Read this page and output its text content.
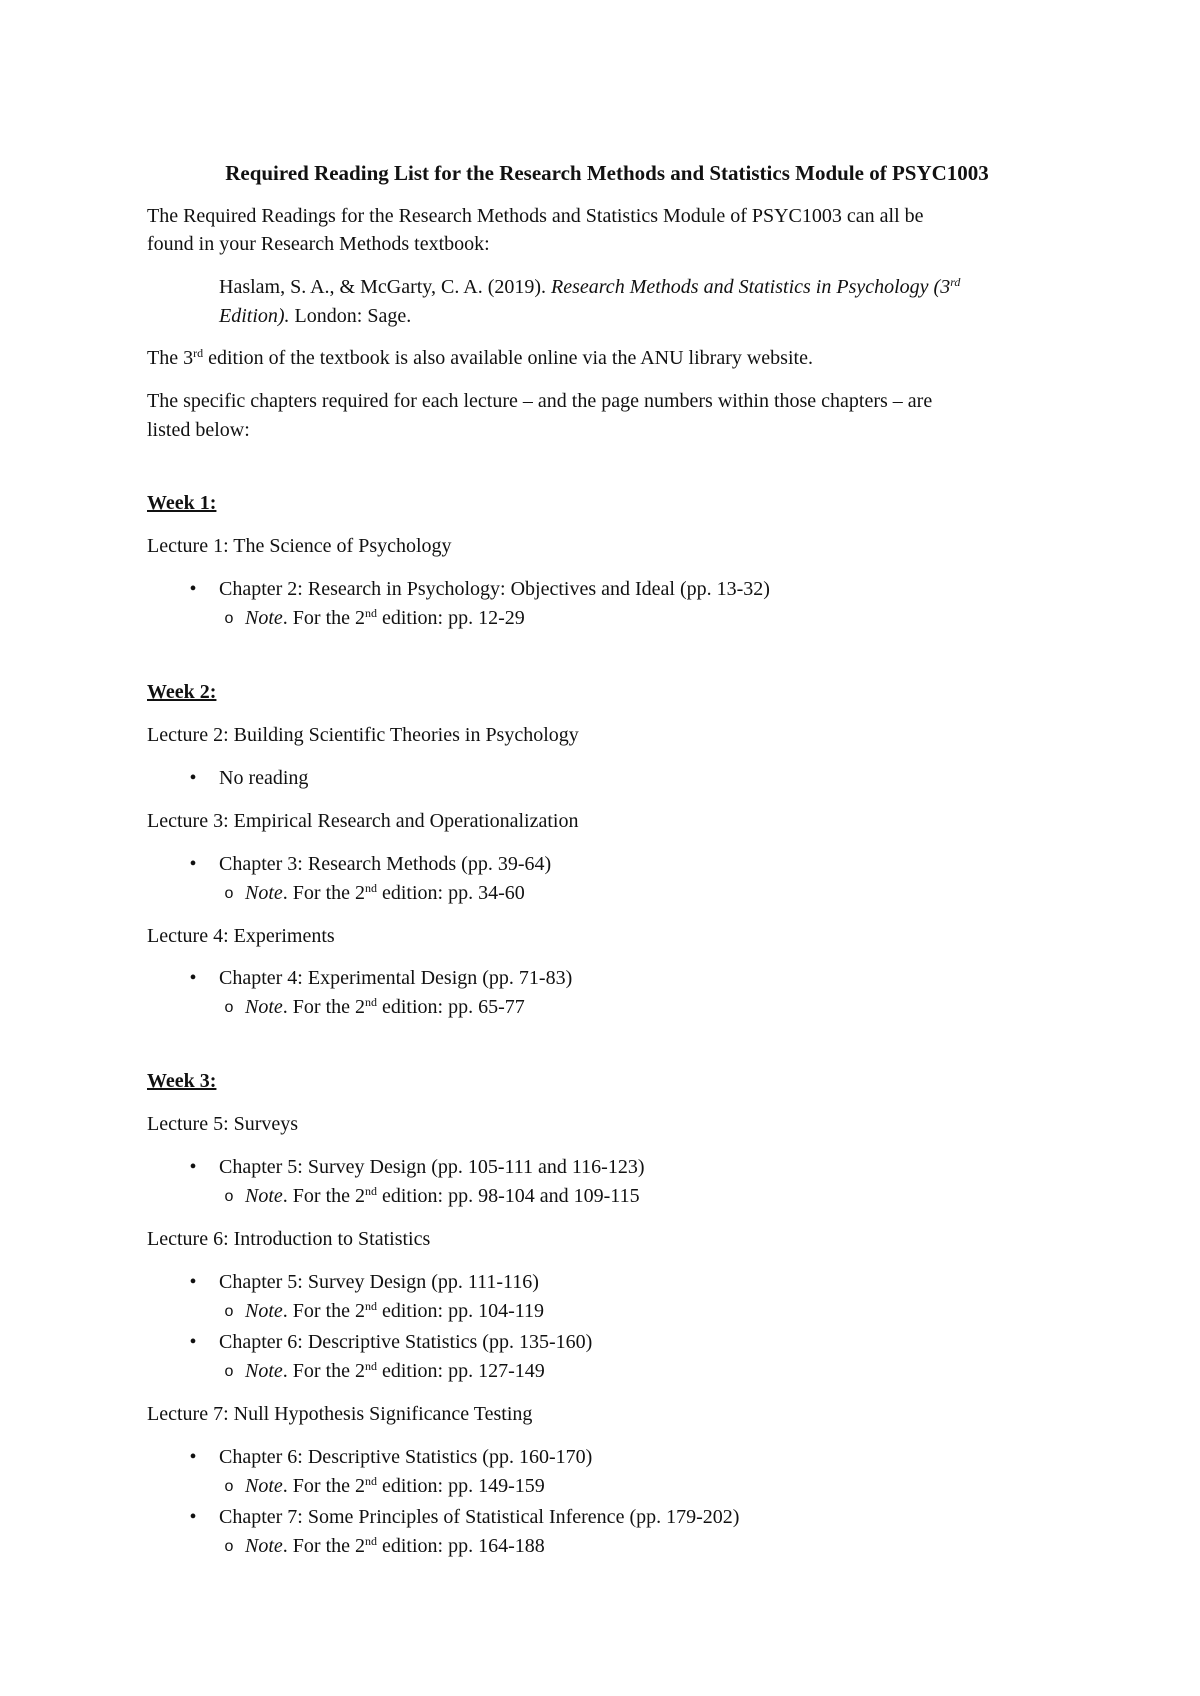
Required Reading List for the Research Methods and Statistics Module of PSYC1003
The Required Readings for the Research Methods and Statistics Module of PSYC1003 can all be
found in your Research Methods textbook:
Haslam, S. A., & McGarty, C. A. (2019). Research Methods and Statistics in Psychology (3rd
Edition). London: Sage.
The 3rd edition of the textbook is also available online via the ANU library website.
The specific chapters required for each lecture – and the page numbers within those chapters – are
listed below:
Week 1:
Lecture 1: The Science of Psychology
•	Chapter 2: Research in Psychology: Objectives and Ideal (pp. 13-32)
o Note. For the 2nd edition: pp. 12-29
Week 2:
Lecture 2: Building Scientific Theories in Psychology
•	No reading
Lecture 3: Empirical Research and Operationalization
•	Chapter 3: Research Methods (pp. 39-64)
o Note. For the 2nd edition: pp. 34-60
Lecture 4: Experiments
•	Chapter 4: Experimental Design (pp. 71-83)
o Note. For the 2nd edition: pp. 65-77
Week 3:
Lecture 5: Surveys
•	Chapter 5: Survey Design (pp. 105-111 and 116-123)
o Note. For the 2nd edition: pp. 98-104 and 109-115
Lecture 6: Introduction to Statistics
•	Chapter 5: Survey Design (pp. 111-116)
o Note. For the 2nd edition: pp. 104-119
•	Chapter 6: Descriptive Statistics (pp. 135-160)
o Note. For the 2nd edition: pp. 127-149
Lecture 7: Null Hypothesis Significance Testing
•	Chapter 6: Descriptive Statistics (pp. 160-170)
o Note. For the 2nd edition: pp. 149-159
•	Chapter 7: Some Principles of Statistical Inference (pp. 179-202)
o Note. For the 2nd edition: pp. 164-188
